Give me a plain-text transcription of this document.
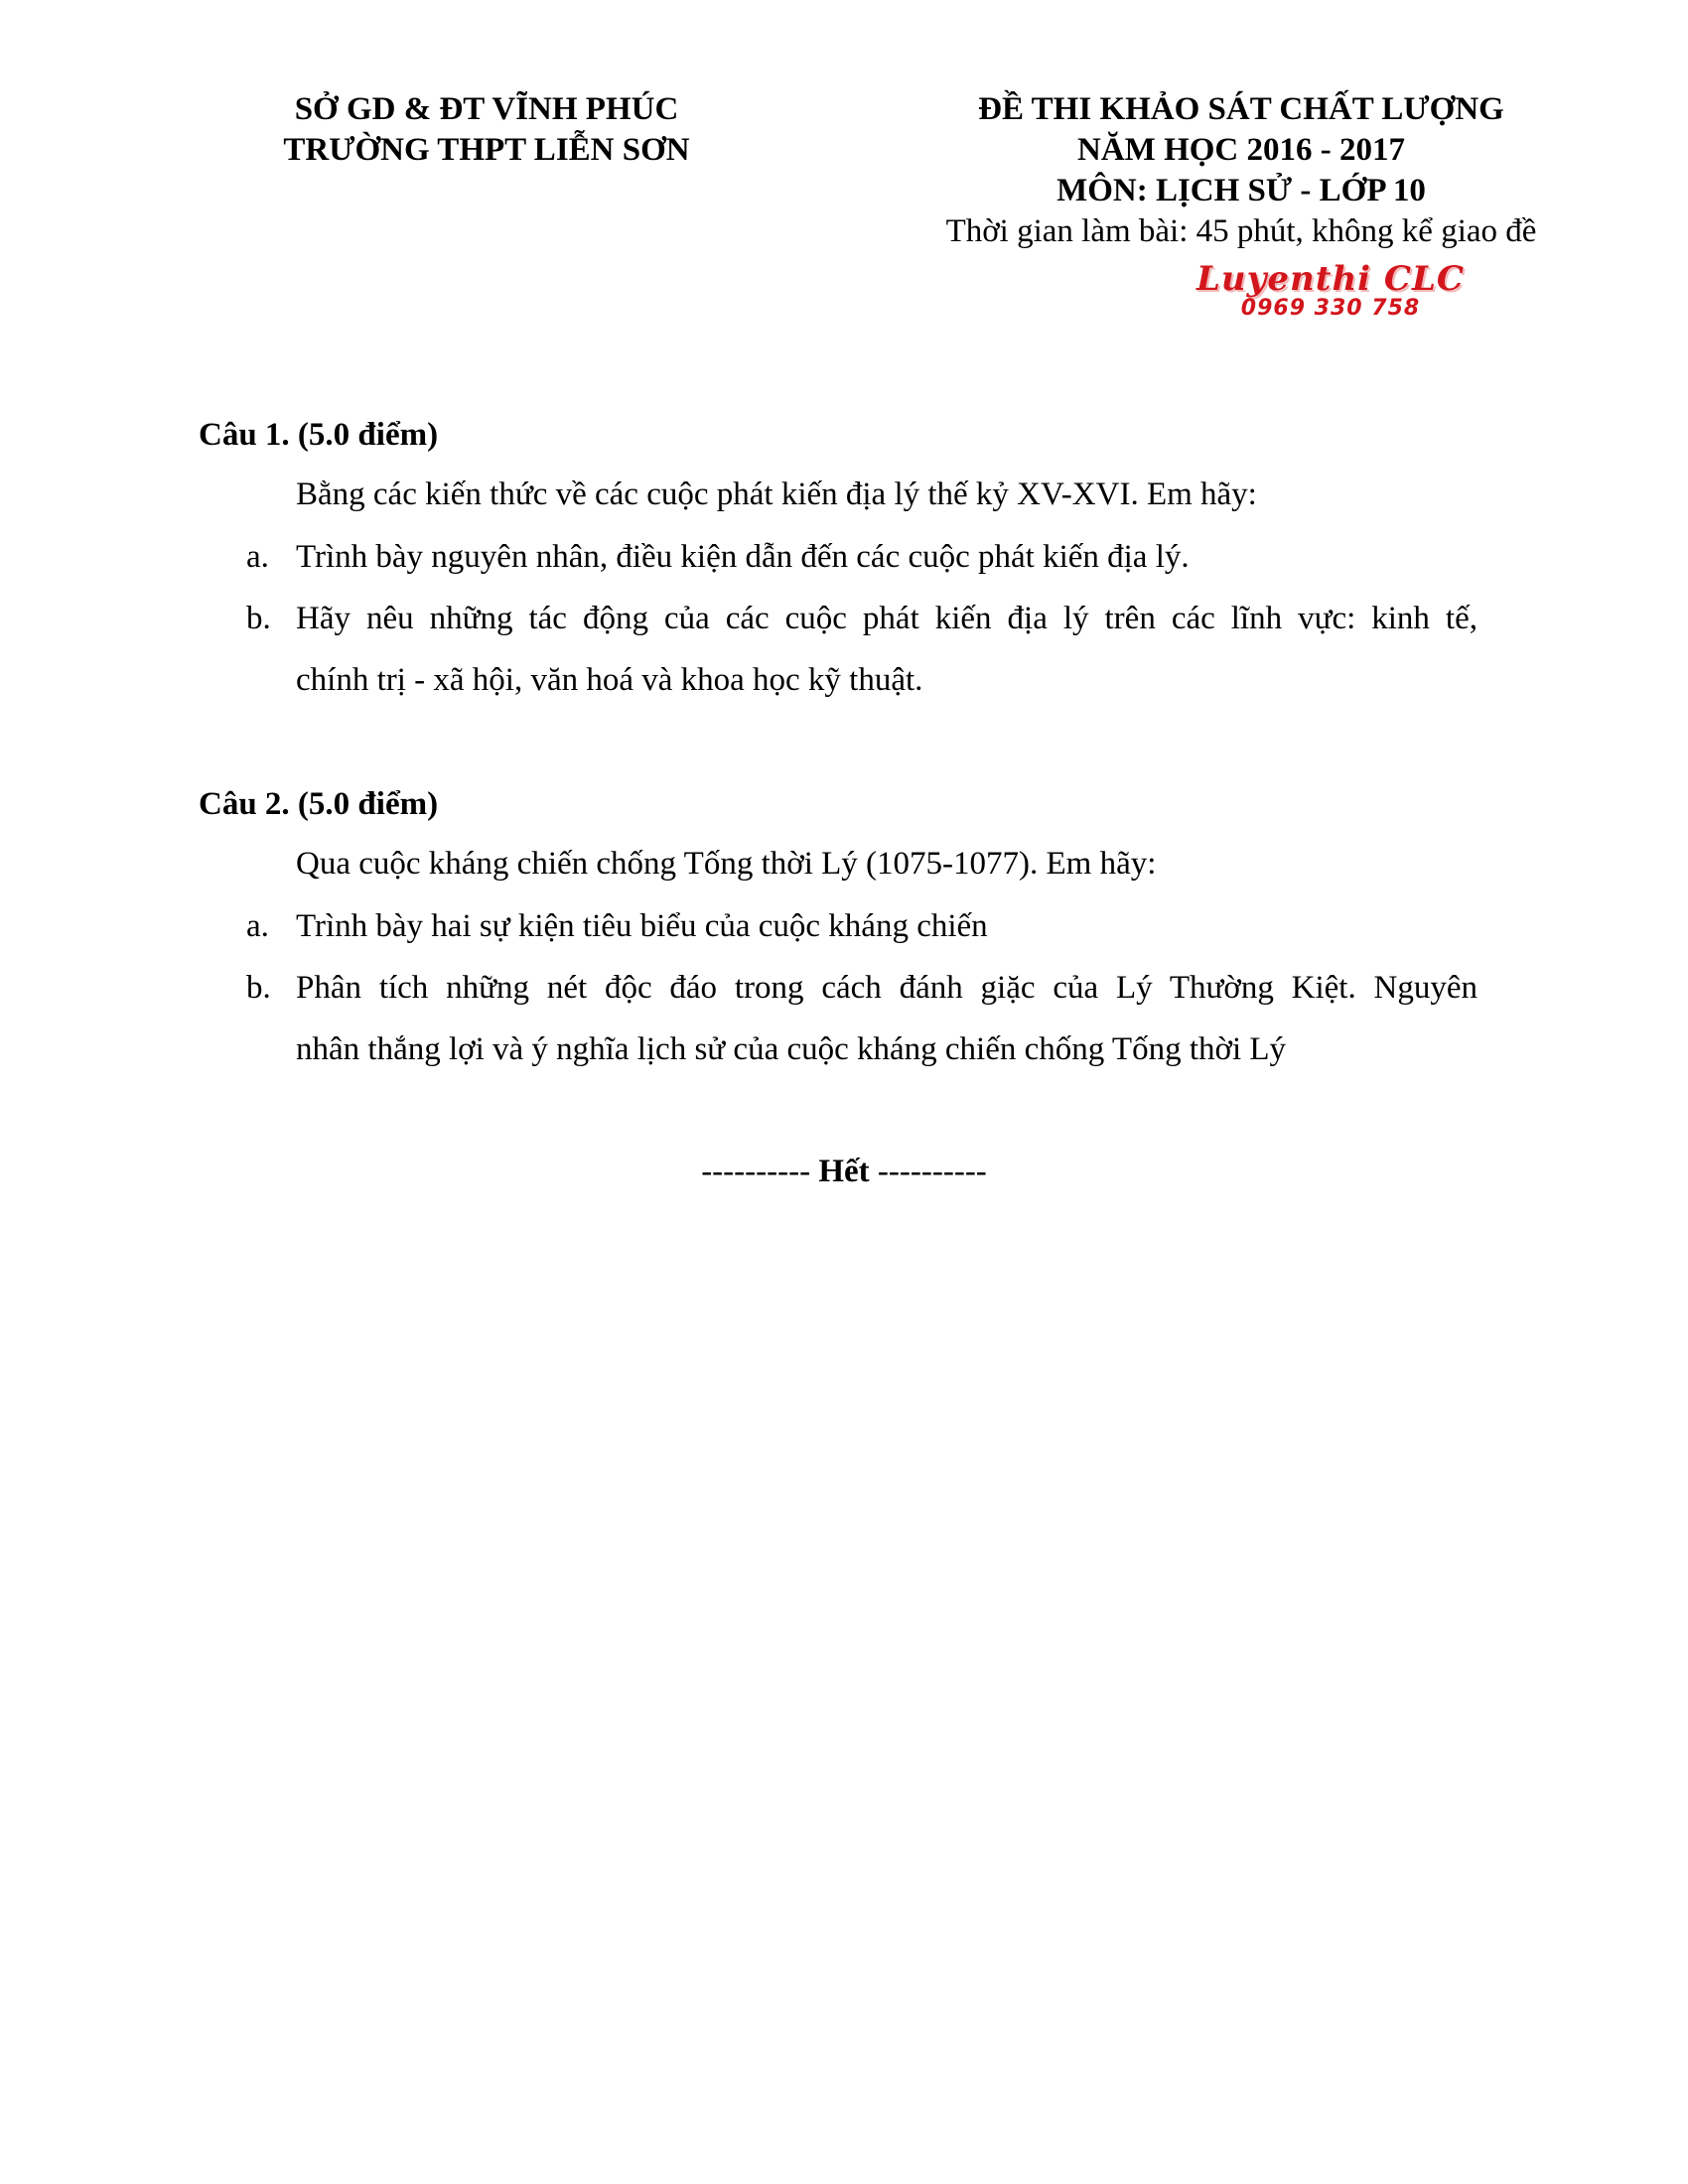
SỞ GD & ĐT VĨNH PHÚC
TRƯỜNG THPT LIỄN SƠN
ĐỀ THI KHẢO SÁT CHẤT LƯỢNG
NĂM HỌC 2016 - 2017
MÔN: LỊCH SỬ - LỚP 10
Thời gian làm bài: 45 phút, không kể giao đề
Luyenthi CLC
0969 330 758
Câu 1. (5.0 điểm)
Bằng các kiến thức về các cuộc phát kiến địa lý thế kỷ XV-XVI. Em hãy:
a. Trình bày nguyên nhân, điều kiện dẫn đến các cuộc phát kiến địa lý.
b. Hãy nêu những tác động của các cuộc phát kiến địa lý trên các lĩnh vực: kinh tế,
chính trị - xã hội, văn hoá và khoa học kỹ thuật.
Câu 2. (5.0 điểm)
Qua cuộc kháng chiến chống Tống thời Lý (1075-1077). Em hãy:
a. Trình bày hai sự kiện tiêu biểu của cuộc kháng chiến
b. Phân tích những nét độc đáo trong cách đánh giặc của Lý Thường Kiệt. Nguyên
nhân thắng lợi và ý nghĩa lịch sử của cuộc kháng chiến chống Tống thời Lý
---------- Hết ----------
